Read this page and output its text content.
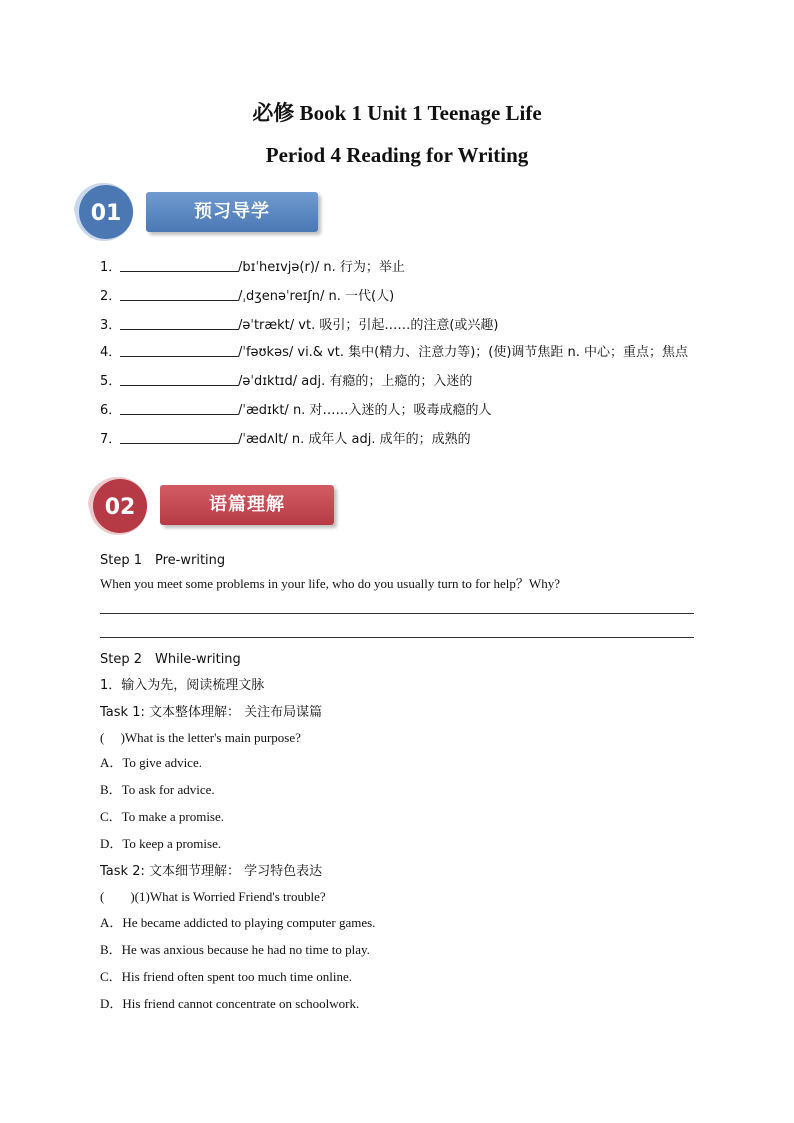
必修 Book 1 Unit 1 Teenage Life
Period 4 Reading for Writing
01	预习导学
1．	/bɪˈheɪvjə(r)/ n. 行为；举止
2．	/ˌdʒenəˈreɪʃn/ n. 一代(人)
3．	/əˈtrækt/ vt. 吸引；引起……的注意(或兴趣)
4．	/ˈfəʊkəs/ vi.& vt. 集中(精力、注意力等)；(使)调节焦距 n. 中心；重点；焦点
5．	/əˈdɪktɪd/ adj. 有瘾的；上瘾的；入迷的
6．	/ˈædɪkt/ n. 对……入迷的人；吸毒成瘾的人
7．	/ˈædʌlt/ n. 成年人 adj. 成年的；成熟的
02	语篇理解
Step 1　Pre-writing
When you meet some problems in your life, who do you usually turn to for help？Why?
Step 2　While-writing
1．输入为先，阅读梳理文脉
Task 1: 文本整体理解： 关注布局谋篇
(　 )What is the letter's main purpose?
A．To give advice.
B．To ask for advice.
C．To make a promise.
D．To keep a promise.
Task 2: 文本细节理解： 学习特色表达
(　　)(1)What is Worried Friend's trouble?
A．He became addicted to playing computer games.
B．He was anxious because he had no time to play.
C．His friend often spent too much time online.
D．His friend cannot concentrate on schoolwork.
